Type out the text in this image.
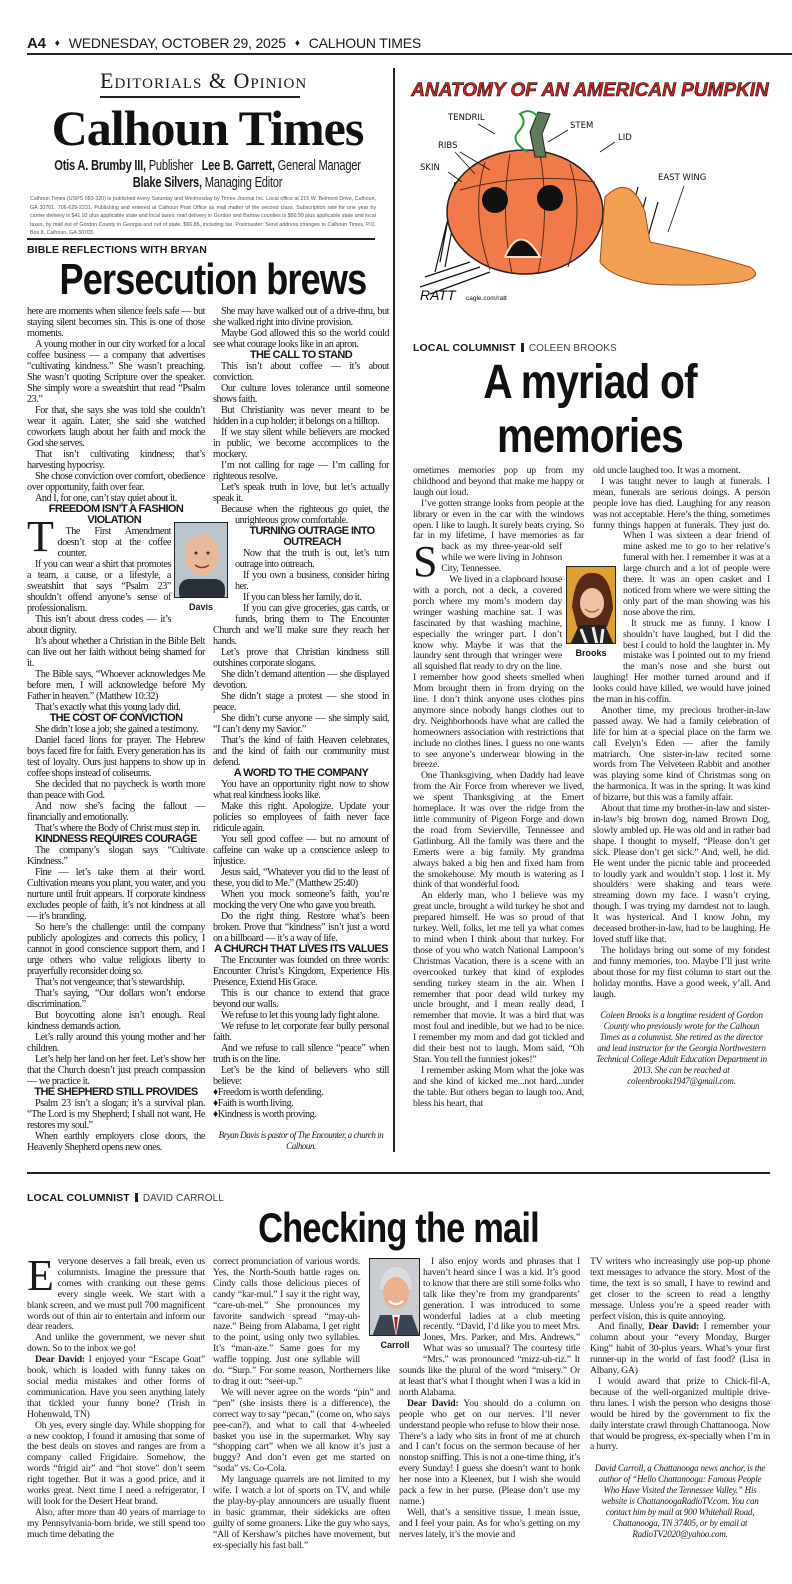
A4 ♦ WEDNESDAY, OCTOBER 29, 2025 ♦ CALHOUN TIMES
Editorials & Opinion
Calhoun Times
Otis A. Brumby III, Publisher Lee B. Garrett, General Manager
Blake Silvers, Managing Editor
Calhoun Times (USPS 083-320) is published every Saturday and Wednesday by Times-Journal Inc. Local office at 215 W. Belmont Drive, Calhoun, GA 30701. 706-629-2231. Publishing and entered at Calhoun Post Office as mail matter of the second class. Subscription rate for one year by carrier delivery is $41.92 plus applicable state and local taxes; mail delivery in Gordon and Bartow counties is $50.99 plus applicable state and local taxes, by mail out of Gordon County in Georgia and out of state, $66.85, including tax. Postmaster: Send address changes to Calhoun Times, P.O. Box 8, Calhoun, GA 30703.
BIBLE REFLECTIONS WITH BRYAN
Persecution brews

T
here are moments when silence feels safe — but staying silent becomes sin. This is one of those moments.

A young mother in our city worked for a local coffee business — a company that advertises “cultivating kindness.” She wasn’t preaching. She wasn’t quoting Scripture over the speaker. She simply wore a sweatshirt that read “Psalm 23.”

For that, she says she was told she couldn’t wear it again. Later, she said she watched coworkers laugh about her faith and mock the God she serves.

That isn’t cultivating kindness; that’s harvesting hypocrisy.

She chose conviction over comfort, obedience over opportunity, faith over fear.

And I, for one, can’t stay quiet about it.

FREEDOM ISN’T A FASHION VIOLATION

The First Amendment doesn’t stop at the coffee counter.

If you can wear a shirt that promotes a team, a cause, or a lifestyle, a sweatshirt that says “Psalm 23” shouldn’t offend anyone’s sense of professionalism.

This isn’t about dress codes — it’s about dignity.

It’s about whether a Christian in the Bible Belt can live out her faith without being shamed for it.

The Bible says, “Whoever acknowledges Me before men, I will acknowledge before My Father in heaven.” (Matthew 10:32)

That’s exactly what this young lady did.

THE COST OF CONVICTION

She didn’t lose a job; she gained a testimony.

Daniel faced lions for prayer. The Hebrew boys faced fire for faith. Every generation has its test of loyalty. Ours just happens to show up in coffee shops instead of coliseums.

She decided that no paycheck is worth more than peace with God.

And now she’s facing the fallout — financially and emotionally.

That’s where the Body of Christ must step in.

KINDNESS REQUIRES COURAGE

The company’s slogan says “Cultivate Kindness.”

Fine — let’s take them at their word. Cultivation means you plant, you water, and you nurture until fruit appears. If corporate kindness excludes people of faith, it’s not kindness at all — it’s branding.

So here’s the challenge: until the company publicly apologizes and corrects this policy, I cannot in good conscience support them, and I urge others who value religious liberty to prayerfully reconsider doing so.

That’s not vengeance; that’s stewardship.

That’s saying, “Our dollars won’t endorse discrimination.”

But boycotting alone isn’t enough. Real kindness demands action.

Let’s rally around this young mother and her children.

Let’s help her land on her feet. Let’s show her that the Church doesn’t just preach compassion — we practice it.

THE SHEPHERD STILL PROVIDES

Psalm 23 isn’t a slogan; it’s a survival plan. “The Lord is my Shepherd; I shall not want. He restores my soul.”

When earthly employers close doors, the Heavenly Shepherd opens new ones.

She may have walked out of a drive-thru, but she walked right into divine provision.

Maybe God allowed this so the world could see what courage looks like in an apron.

THE CALL TO STAND

This isn’t about coffee — it’s about conviction.

Our culture loves tolerance until someone shows faith.

But Christianity was never meant to be hidden in a cup holder; it belongs on a hilltop.

If we stay silent while believers are mocked in public, we become accomplices to the mockery.

I’m not calling for rage — I’m calling for righteous resolve.

Let’s speak truth in love, but let’s actually speak it.

Because when the righteous go quiet, the unrighteous grow comfortable.

TURNING OUTRAGE INTO OUTREACH

Now that the truth is out, let’s turn outrage into outreach.

If you own a business, consider hiring her.

If you can bless her family, do it.

If you can give groceries, gas cards, or funds, bring them to The Encounter Church and we’ll make sure they reach her hands.

Let’s prove that Christian kindness still outshines corporate slogans.

She didn’t demand attention — she displayed devotion.

She didn’t stage a protest — she stood in peace.

She didn’t curse anyone — she simply said, “I can’t deny my Savior.”

That’s the kind of faith Heaven celebrates, and the kind of faith our community must defend.

A WORD TO THE COMPANY

You have an opportunity right now to show what real kindness looks like.

Make this right. Apologize. Update your policies so employees of faith never face ridicule again.

You sell good coffee — but no amount of caffeine can wake up a conscience asleep to injustice.

Jesus said, “Whatever you did to the least of these, you did to Me.” (Matthew 25:40)

When you mock someone’s faith, you’re mocking the very One who gave you breath.

Do the right thing. Restore what’s been broken. Prove that “kindness” isn’t just a word on a billboard — it’s a way of life.

A CHURCH THAT LIVES ITS VALUES

The Encounter was founded on three words: Encounter Christ’s Kingdom, Experience His Presence, Extend His Grace.

This is our chance to extend that grace beyond our walls.

We refuse to let this young lady fight alone.

We refuse to let corporate fear bully personal faith.

And we refuse to call silence “peace” when truth is on the line.

Let’s be the kind of believers who still believe:

♦Freedom is worth defending.

♦Faith is worth living.

♦Kindness is worth proving.

Bryan Davis is pastor of The Encounter, a church in Calhoun.

Davis
ANATOMY OF AN AMERICAN PUMPKIN
TENDRIL
STEM
LID
RIBS
SKIN
EAST WING
RATT cagle.com/ratt
LOCAL COLUMNIST COLEEN BROOKS
A myriad of
memories

S
ometimes memories pop up from my childhood and beyond that make me happy or laugh out loud.

I’ve gotten strange looks from people at the library or even in the car with the windows open. I like to laugh. It surely beats crying. So far in my lifetime, I have memories as far back as my three-year-old self while we were living in Johnson City, Tennessee.

We lived in a clapboard house with a porch, not a deck, a covered porch where my mom’s modern day wringer washing machine sat. I was fascinated by that washing machine, especially the wringer part. I don’t know why. Maybe it was that the laundry sent through that wringer were all squished flat ready to dry on the line. I remember how good sheets smelled when Mom brought them in from drying on the line. I don’t think anyone uses clothes pins anymore since nobody hangs clothes out to dry. Neighborhoods have what are called the homeowners association with restrictions that include no clothes lines. I guess no one wants to see anyone’s underwear blowing in the breeze.

One Thanksgiving, when Daddy had leave from the Air Force from wherever we lived, we spent Thanksgiving at the Emert homeplace. It was over the ridge from the little community of Pigeon Forge and down the road from Sevierville, Tennessee and Gatlinburg. All the family was there and the Emerts were a big family. My grandma always baked a big hen and fixed ham from the smokehouse. My mouth is watering as I think of that wonderful food.

An elderly man, who I believe was my great uncle, brought a wild turkey he shot and prepared himself. He was so proud of that turkey. Well, folks, let me tell ya what comes to mind when I think about that turkey. For those of you who watch National Lampoon’s Christmas Vacation, there is a scene with an overcooked turkey that kind of explodes sending turkey steam in the air. When I remember that poor dead wild turkey my uncle brought, and I mean really dead, I remember that movie. It was a bird that was most foul and inedible, but we had to be nice. I remember my mom and dad got tickled and did their best not to laugh. Mom said, “Oh Stan. You tell the funniest jokes!”

I remember asking Mom what the joke was and she kind of kicked me...not hard...under the table. But others began to laugh too. And, bless his heart, that

old uncle laughed too. It was a moment.

I was taught never to laugh at funerals. I mean, funerals are serious doings. A person people love has died. Laughing for any reason was not acceptable. Here’s the thing, sometimes funny things happen at funerals. They just do. When I was sixteen a dear friend of mine asked me to go to her relative’s funeral with her. I remember it was at a large church and a lot of people were there. It was an open casket and I noticed from where we were sitting the only part of the man showing was his nose above the rim.

It struck me as funny. I know I shouldn’t have laughed, but I did the best I could to hold the laughter in. My mistake was I pointed out to my friend the man’s nose and she burst out laughing! Her mother turned around and if looks could have killed, we would have joined the man in his coffin.

Another time, my precious brother-in-law passed away. We had a family celebration of life for him at a special place on the farm we call Evelyn’s Eden — after the family matriarch. One sister-in-law recited some words from The Velveteen Rabbit and another was playing some kind of Christmas song on the harmonica. It was in the spring. It was kind of bizarre, but this was a family affair.

About that time my brother-in-law and sister-in-law’s big brown dog, named Brown Dog, slowly ambled up. He was old and in rather bad shape. I thought to myself, “Please don’t get sick. Please don’t get sick.” And, well, he did. He went under the picnic table and proceeded to loudly yark and wouldn’t stop. I lost it. My shoulders were shaking and tears were streaming down my face. I wasn’t crying, though. I was trying my darndest not to laugh. It was hysterical. And I know John, my deceased brother-in-law, had to be laughing. He loved stuff like that.

The holidays bring out some of my fondest and funny memories, too. Maybe I’ll just write about those for my first column to start out the holiday months. Have a good week, y’all. And laugh.

Coleen Brooks is a longtime resident of Gordon County who previously wrote for the Calhoun Times as a columnist. She retired as the director and lead instructor for the Georgia Northwestern Technical College Adult Education Department in 2013. She can be reached at coleenbrooks1947@gmail.com.

Brooks
LOCAL COLUMNIST DAVID CARROLL
Checking the mail

Everyone deserves a fall break, even us columnists. Imagine the pressure that comes with cranking out these gems every single week. We start with a blank screen, and we must pull 700 magnificent words out of thin air to entertain and inform our dear readers.

And unlike the government, we never shut down. So to the inbox we go!

Dear David: I enjoyed your “Escape Goat” book, which is loaded with funny takes on social media mistakes and other forms of communication. Have you seen anything lately that tickled your funny bone? (Trish in Hohenwald, TN)

Oh yes, every single day. While shopping for a new cooktop, I found it amusing that some of the best deals on stoves and ranges are from a company called Frigidaire. Somehow, the words “frigid air” and “hot stove” don’t seem right together. But it was a good price, and it works great. Next time I need a refrigerator, I will look for the Desert Heat brand.

Also, after more than 40 years of marriage to my Pennsylvania-born bride, we still spend too much time debating the

correct pronunciation of various words. Yes, the North-South battle rages on. Cindy calls those delicious pieces of candy “kar-mul.” I say it the right way, “care-uh-mel.” She pronounces my favorite sandwich spread “may-uh-naze.” Being from Alabama, I get right to the point, using only two syllables. It’s “man-aze.” Same goes for my waffle topping. Just one syllable will do. “Surp.” For some reason, Northerners like to drag it out: “seer-up.”

We will never agree on the words “pin” and “pen” (she insists there is a difference), the correct way to say “pecan,” (come on, who says pee-can?), and what to call that 4-wheeled basket you use in the supermarket. Why say “shopping cart” when we all know it’s just a buggy? And don’t even get me started on “soda” vs. Co-Cola.

My language quarrels are not limited to my wife. I watch a lot of sports on TV, and while the play-by-play announcers are usually fluent in basic grammar, their sidekicks are often guilty of some groaners. Like the guy who says, “All of Kershaw’s pitches have movement, but ex-specially his fast ball.”

I also enjoy words and phrases that I haven’t heard since I was a kid. It’s good to know that there are still some folks who talk like they’re from my grandparents’ generation. I was introduced to some wonderful ladies at a club meeting recently. “David, I’d like you to meet Mrs. Jones, Mrs. Parker, and Mrs. Andrews.” What was so unusual? The courtesy title “Mrs.” was pronounced “mizz-uh-riz.” It sounds like the plural of the word “misery.” Or at least that’s what I thought when I was a kid in north Alabama.

Dear David: You should do a column on people who get on our nerves. I’ll never understand people who refuse to blow their nose. There’s a lady who sits in front of me at church and I can’t focus on the sermon because of her nonstop sniffing. This is not a one-time thing, it’s every Sunday! I guess she doesn’t want to honk her nose into a Kleenex, but I wish she would pack a few in her purse. (Please don’t use my name.)

Well, that’s a sensitive tissue, I mean issue, and I feel your pain. As for who’s getting on my nerves lately, it’s the movie and

TV writers who increasingly use pop-up phone text messages to advance the story. Most of the time, the text is so small, I have to rewind and get closer to the screen to read a lengthy message. Unless you’re a speed reader with perfect vision, this is quite annoying.

And finally, Dear David: I remember your column about your “every Monday, Burger King” habit of 30-plus years. What’s your first runner-up in the world of fast food? (Lisa in Albany, GA)

I would award that prize to Chick-fil-A, because of the well-organized multiple drive-thru lanes. I wish the person who designs those would be hired by the government to fix the daily interstate crawl through Chattanooga. Now that would be progress, ex-specially when I’m in a hurry.

David Carroll, a Chattanooga news anchor, is the author of “Hello Chattanooga: Famous People Who Have Visited the Tennessee Valley.” His website is ChattanoogaRadioTV.com. You can contact him by mail at 900 Whitehall Road, Chattanooga, TN 37405, or by email at RadioTV2020@yahoo.com.

Carroll
